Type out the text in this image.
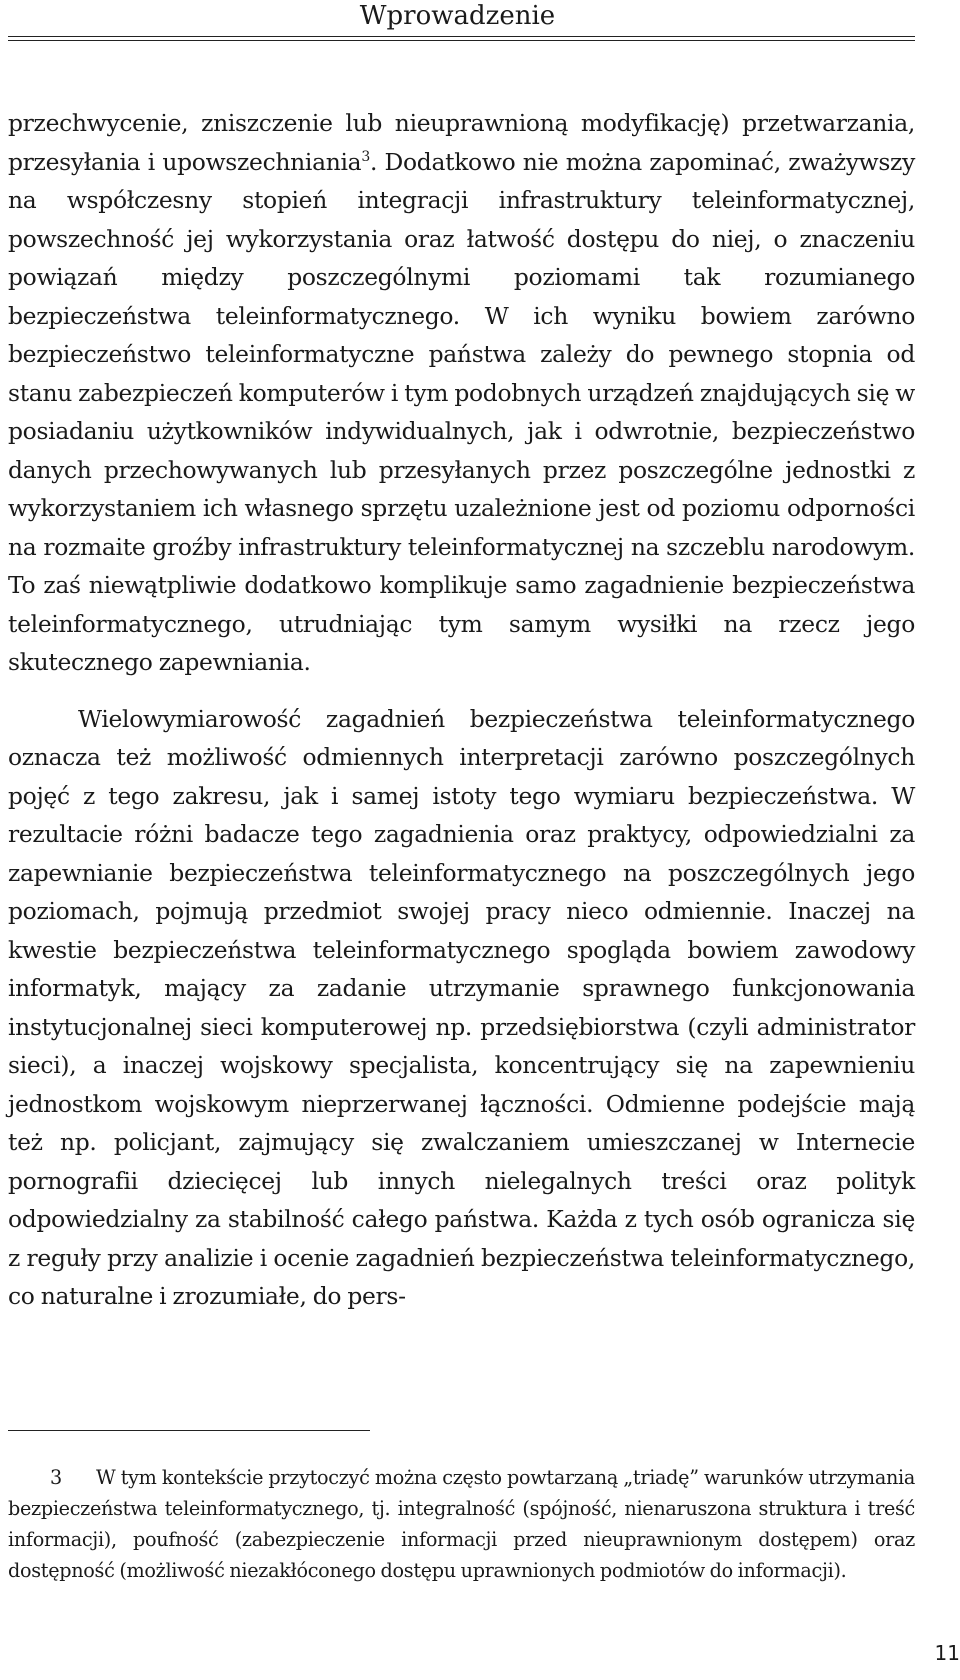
Wprowadzenie

przechwycenie, zniszczenie lub nieuprawnioną modyfikację) przetwarzania, przesyłania i upowszechniania$^3$. Dodatkowo nie można zapominać, zważywszy na współczesny stopień integracji infrastruktury teleinformatycznej, powszechność jej wykorzystania oraz łatwość dostępu do niej, o znaczeniu powiązań między poszczególnymi poziomami tak rozumianego bezpieczeństwa teleinformatycznego. W ich wyniku bowiem zarówno bezpieczeństwo teleinformatyczne państwa zależy do pewnego stopnia od stanu zabezpieczeń komputerów i tym podobnych urządzeń znajdujących się w posiadaniu użytkowników indywidualnych, jak i odwrotnie, bezpieczeństwo danych przechowywanych lub przesyłanych przez poszczególne jednostki z wykorzystaniem ich własnego sprzętu uzależnione jest od poziomu odporności na rozmaite groźby infrastruktury teleinformatycznej na szczeblu narodowym. To zaś niewątpliwie dodatkowo komplikuje samo zagadnienie bezpieczeństwa teleinformatycznego, utrudniając tym samym wysiłki na rzecz jego skutecznego zapewniania.

Wielowymiarowość zagadnień bezpieczeństwa teleinformatycznego oznacza też możliwość odmiennych interpretacji zarówno poszczególnych pojęć z tego zakresu, jak i samej istoty tego wymiaru bezpieczeństwa. W rezultacie różni badacze tego zagadnienia oraz praktycy, odpowiedzialni za zapewnianie bezpieczeństwa teleinformatycznego na poszczególnych jego poziomach, pojmują przedmiot swojej pracy nieco odmiennie. Inaczej na kwestie bezpieczeństwa teleinformatycznego spogląda bowiem zawodowy informatyk, mający za zadanie utrzymanie sprawnego funkcjonowania instytucjonalnej sieci komputerowej np. przedsiębiorstwa (czyli administrator sieci), a inaczej wojskowy specjalista, koncentrujący się na zapewnieniu jednostkom wojskowym nieprzerwanej łączności. Odmienne podejście mają też np. policjant, zajmujący się zwalczaniem umieszczanej w Internecie pornografii dziecięcej lub innych nielegalnych treści oraz polityk odpowiedzialny za stabilność całego państwa. Każda z tych osób ogranicza się z reguły przy analizie i ocenie zagadnień bezpieczeństwa teleinformatycznego, co naturalne i zrozumiałe, do pers-

3 W tym kontekście przytoczyć można często powtarzaną „triadę” warunków utrzymania bezpieczeństwa teleinformatycznego, tj. integralność (spójność, nienaruszona struktura i treść informacji), poufność (zabezpieczenie informacji przed nieuprawnionym dostępem) oraz dostępność (możliwość niezakłóconego dostępu uprawnionych podmiotów do informacji).

11
